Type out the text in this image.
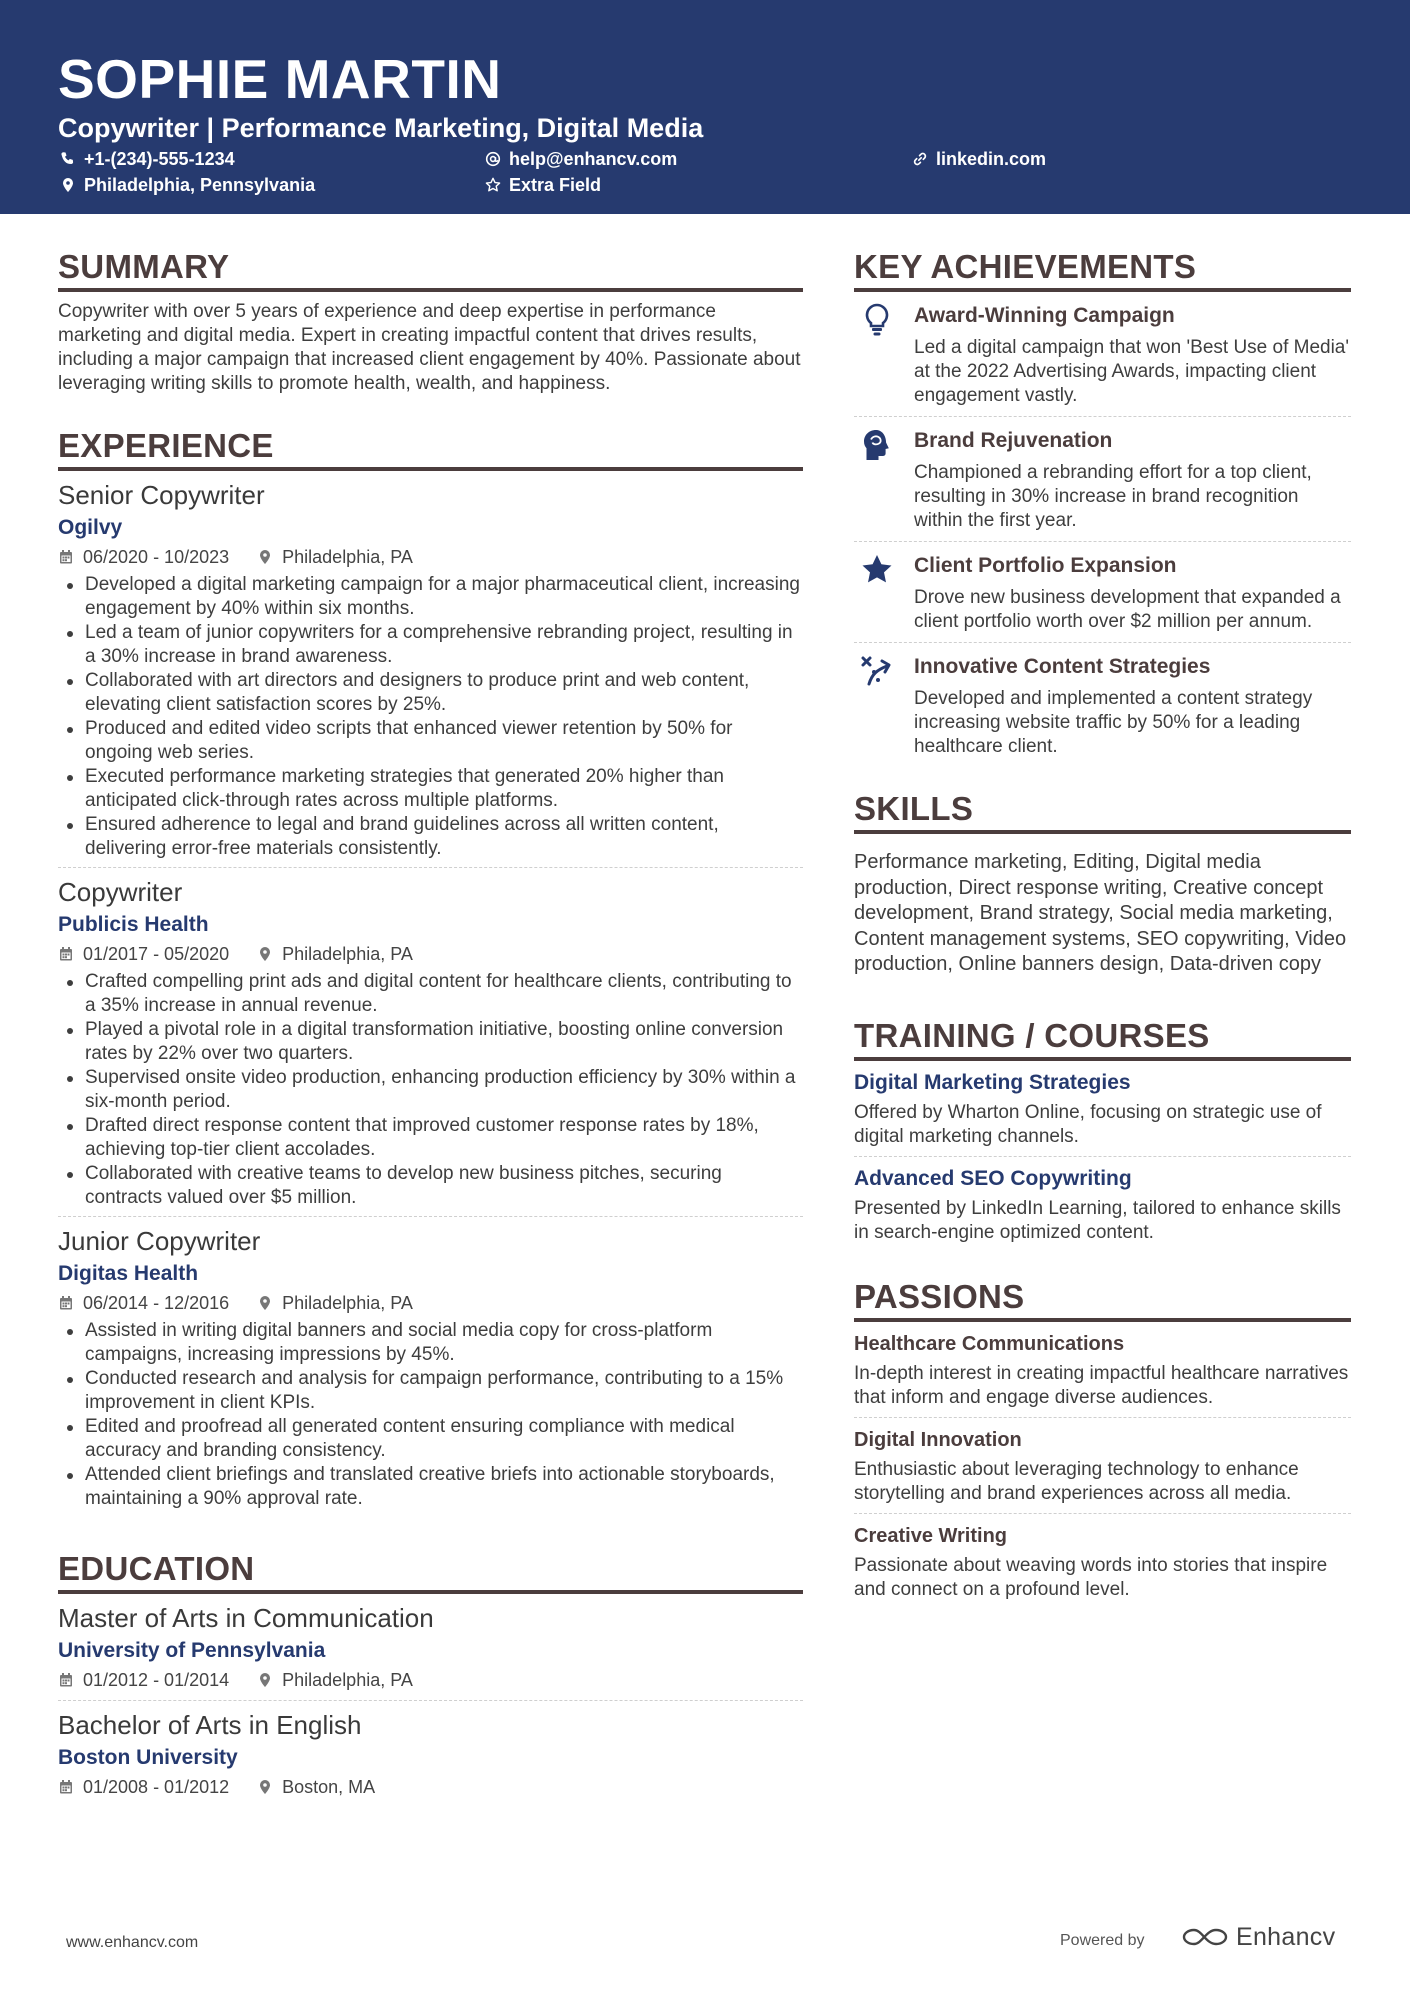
SOPHIE MARTIN
Copywriter | Performance Marketing, Digital Media
+1-(234)-555-1234	help@enhancv.com	linkedin.com
Philadelphia, Pennsylvania	Extra Field
SUMMARY
Copywriter with over 5 years of experience and deep expertise in performance marketing and digital media. Expert in creating impactful content that drives results, including a major campaign that increased client engagement by 40%. Passionate about leveraging writing skills to promote health, wealth, and happiness.
EXPERIENCE
Senior Copywriter
Ogilvy
06/2020 - 10/2023	Philadelphia, PA
Developed a digital marketing campaign for a major pharmaceutical client, increasing engagement by 40% within six months.
Led a team of junior copywriters for a comprehensive rebranding project, resulting in a 30% increase in brand awareness.
Collaborated with art directors and designers to produce print and web content, elevating client satisfaction scores by 25%.
Produced and edited video scripts that enhanced viewer retention by 50% for ongoing web series.
Executed performance marketing strategies that generated 20% higher than anticipated click-through rates across multiple platforms.
Ensured adherence to legal and brand guidelines across all written content, delivering error-free materials consistently.
Copywriter
Publicis Health
01/2017 - 05/2020	Philadelphia, PA
Crafted compelling print ads and digital content for healthcare clients, contributing to a 35% increase in annual revenue.
Played a pivotal role in a digital transformation initiative, boosting online conversion rates by 22% over two quarters.
Supervised onsite video production, enhancing production efficiency by 30% within a six-month period.
Drafted direct response content that improved customer response rates by 18%, achieving top-tier client accolades.
Collaborated with creative teams to develop new business pitches, securing contracts valued over $5 million.
Junior Copywriter
Digitas Health
06/2014 - 12/2016	Philadelphia, PA
Assisted in writing digital banners and social media copy for cross-platform campaigns, increasing impressions by 45%.
Conducted research and analysis for campaign performance, contributing to a 15% improvement in client KPIs.
Edited and proofread all generated content ensuring compliance with medical accuracy and branding consistency.
Attended client briefings and translated creative briefs into actionable storyboards, maintaining a 90% approval rate.
EDUCATION
Master of Arts in Communication
University of Pennsylvania
01/2012 - 01/2014	Philadelphia, PA
Bachelor of Arts in English
Boston University
01/2008 - 01/2012	Boston, MA
KEY ACHIEVEMENTS
Award-Winning Campaign
Led a digital campaign that won 'Best Use of Media' at the 2022 Advertising Awards, impacting client engagement vastly.
Brand Rejuvenation
Championed a rebranding effort for a top client, resulting in 30% increase in brand recognition within the first year.
Client Portfolio Expansion
Drove new business development that expanded a client portfolio worth over $2 million per annum.
Innovative Content Strategies
Developed and implemented a content strategy increasing website traffic by 50% for a leading healthcare client.
SKILLS
Performance marketing, Editing, Digital media production, Direct response writing, Creative concept development, Brand strategy, Social media marketing, Content management systems, SEO copywriting, Video production, Online banners design, Data-driven copy
TRAINING / COURSES
Digital Marketing Strategies
Offered by Wharton Online, focusing on strategic use of digital marketing channels.
Advanced SEO Copywriting
Presented by LinkedIn Learning, tailored to enhance skills in search-engine optimized content.
PASSIONS
Healthcare Communications
In-depth interest in creating impactful healthcare narratives that inform and engage diverse audiences.
Digital Innovation
Enthusiastic about leveraging technology to enhance storytelling and brand experiences across all media.
Creative Writing
Passionate about weaving words into stories that inspire and connect on a profound level.
www.enhancv.com	Powered by	Enhancv
